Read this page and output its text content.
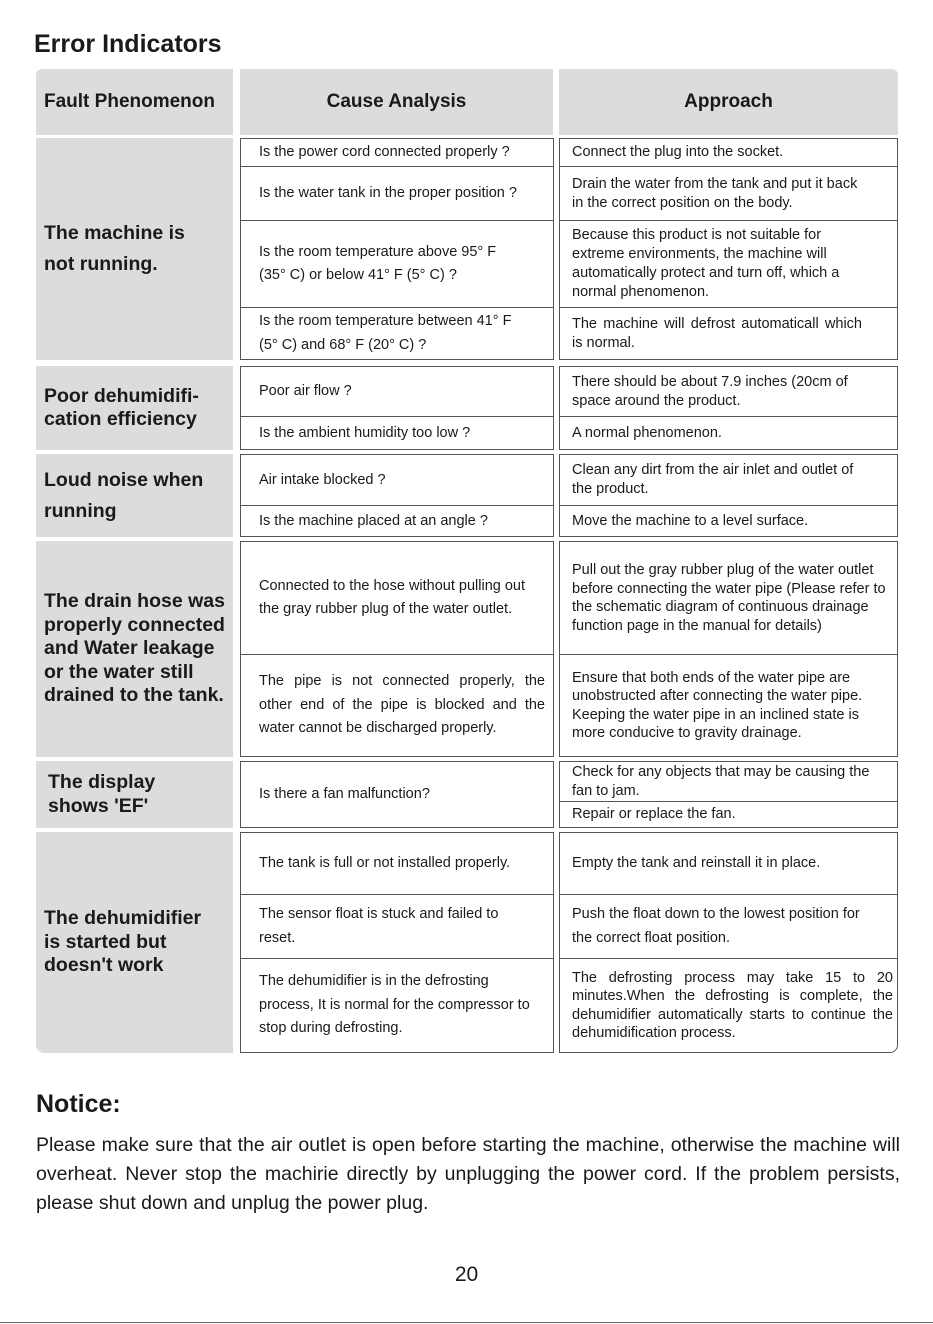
Error Indicators
Fault Phenomenon	Cause Analysis	Approach
The machine is not running.
Poor dehumidifi- cation efficiency
Loud noise when running
The drain hose was properly connected and Water leakage or the water still drained to the tank.
The display shows 'EF'
The dehumidifier is started but doesn't work
Is the power cord connected properly ?
Is the water tank in the proper position ?
Is the room temperature above 95° F (35° C) or below 41° F (5° C) ?
Is the room temperature between 41° F (5° C) and 68° F (20° C) ?
Poor air flow ?
Is the ambient humidity too low ?
Air intake blocked ?
Is the machine placed at an angle ?
Connected to the hose without pulling out the gray rubber plug of the water outlet.
The pipe is not connected properly, the other end of the pipe is blocked and the water cannot be discharged properly.
Is there a fan malfunction?
The tank is full or not installed properly.
The sensor float is stuck and failed to reset.
The dehumidifier is in the defrosting process, It is normal for the compressor to stop during defrosting.
Connect the plug into the socket.
Drain the water from the tank and put it back in the correct position on the body.
Because this product is not suitable for extreme environments, the machine will automatically protect and turn off, which a normal phenomenon.
The machine will defrost automaticall which is normal.
There should be about 7.9 inches (20cm of space around the product.
A normal phenomenon.
Clean any dirt from the air inlet and outlet of the product.
Move the machine to a level surface.
Pull out the gray rubber plug of the water outlet before connecting the water pipe (Please refer to the schematic diagram of continuous drainage function page in the manual for details)
Ensure that both ends of the water pipe are unobstructed after connecting the water pipe. Keeping the water pipe in an inclined state is more conducive to gravity drainage.
Check for any objects that may be causing the fan to jam.
Repair or replace the fan.
Empty the tank and reinstall it in place.
Push the float down to the lowest position for the correct float position.
The defrosting process may take 15 to 20 minutes.When the defrosting is complete, the dehumidifier automatically starts to continue the dehumidification process.
Notice:
Please make sure that the air outlet is open before starting the machine, otherwise the machine will overheat. Never stop the machirie directly by unplugging the power cord. If the problem persists, please shut down and unplug the power plug.
20
